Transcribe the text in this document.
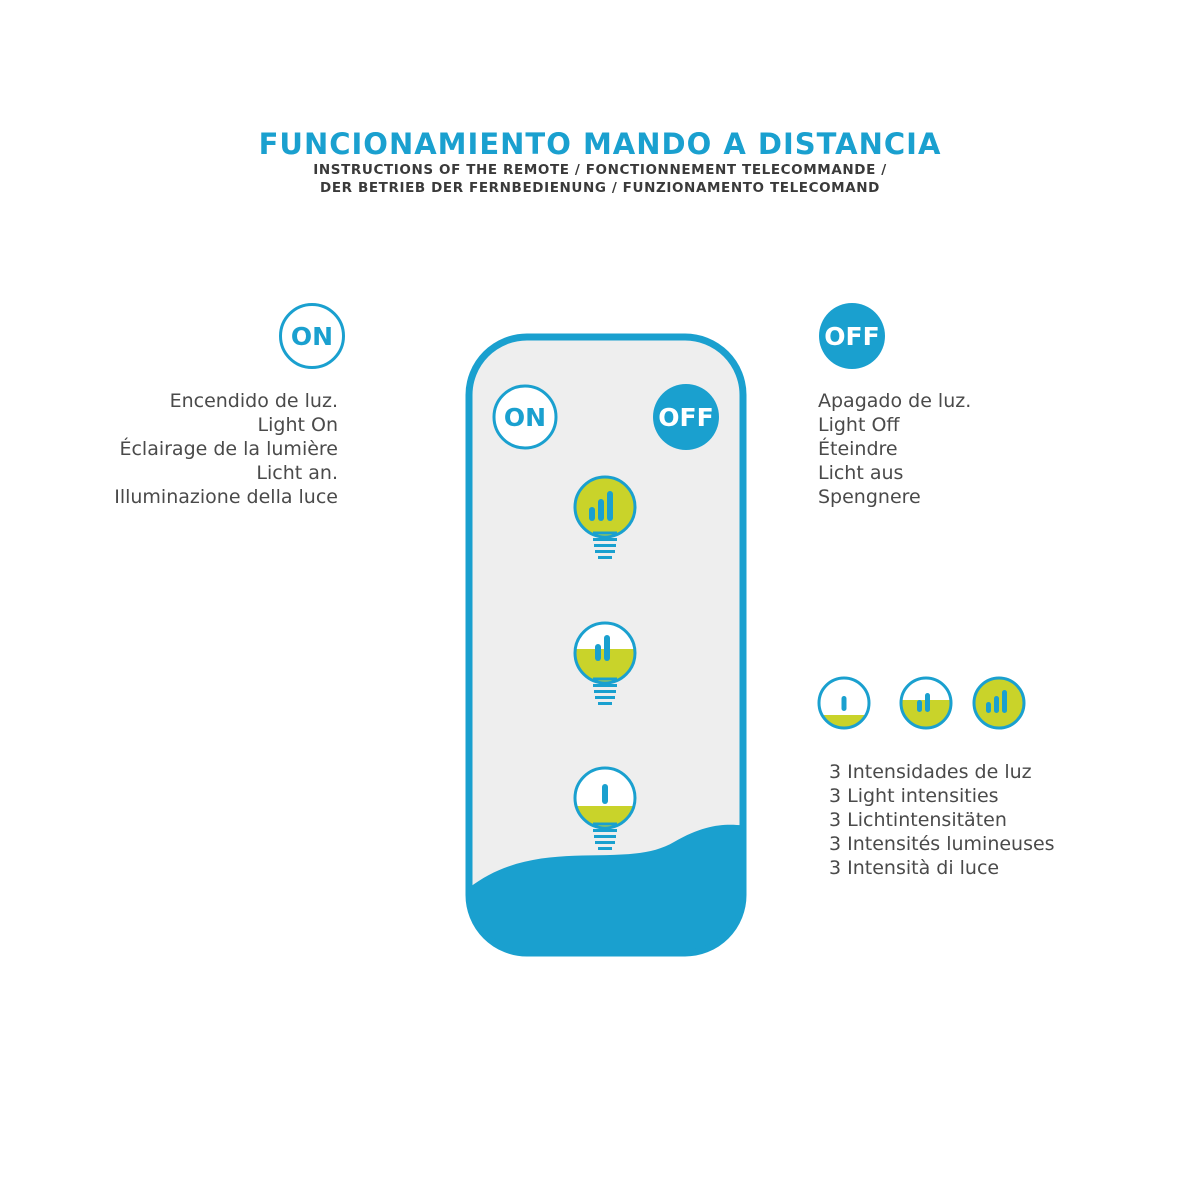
FUNCIONAMIENTO MANDO A DISTANCIA

INSTRUCTIONS OF THE REMOTE / FONCTIONNEMENT TELECOMMANDE /

DER BETRIEB DER FERNBEDIENUNG / FUNZIONAMENTO TELECOMAND

ON
Encendido de luz.
Light On
Éclairage de la lumière
Licht an.
Illuminazione della luce
OFF
Apagado de luz.
Light Off
Éteindre
Licht aus
Spengnere
3 Intensidades de luz
3 Light intensities
3 Lichtintensitäten
3 Intensités lumineuses
3 Intensità di luce
ON	OFF
